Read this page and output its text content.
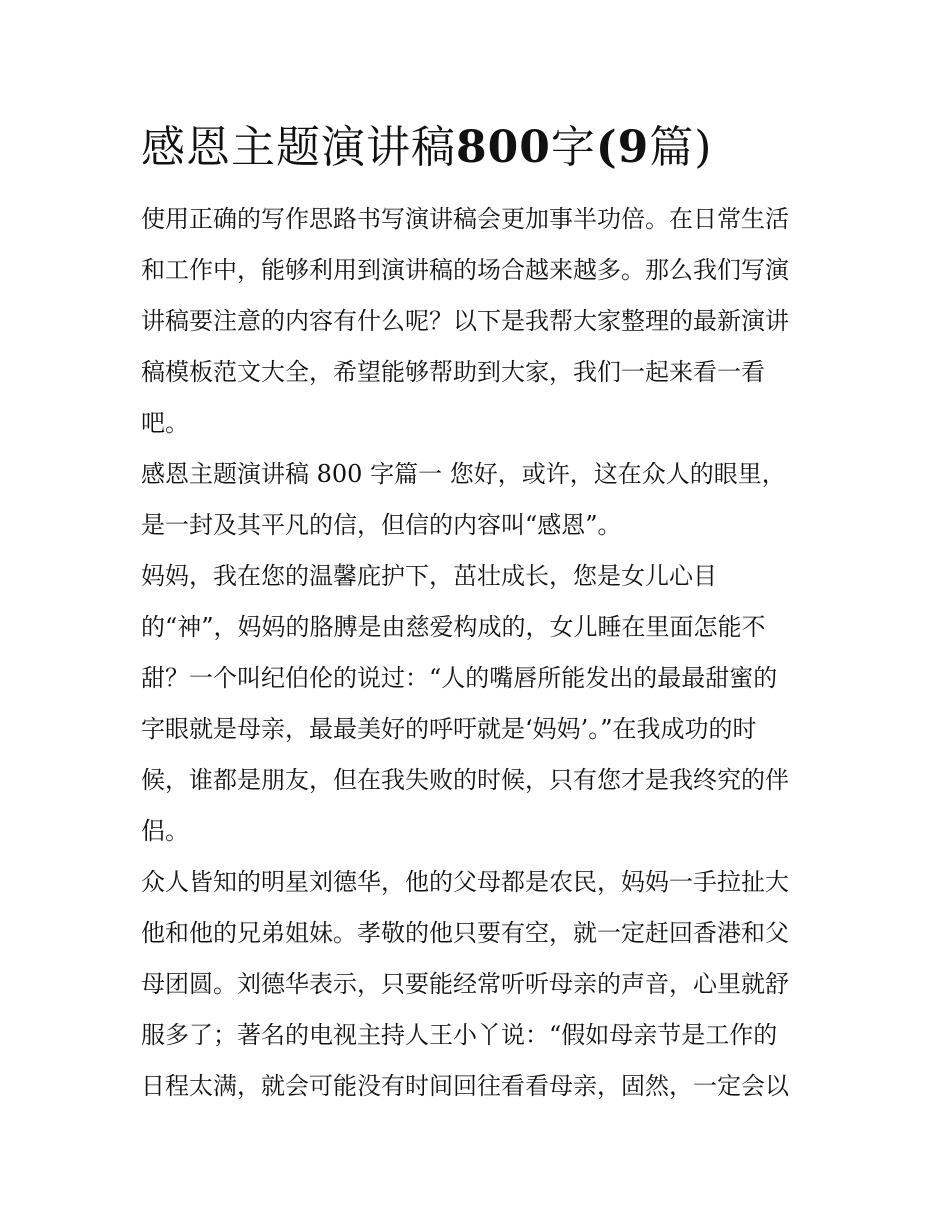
感恩主题演讲稿800字(9篇)

使用正确的写作思路书写演讲稿会更加事半功倍。在日常生活

和工作中，能够利用到演讲稿的场合越来越多。那么我们写演

讲稿要注意的内容有什么呢？以下是我帮大家整理的最新演讲

稿模板范文大全，希望能够帮助到大家，我们一起来看一看

吧。

感恩主题演讲稿 800 字篇一 您好，或许，这在众人的眼里，

是一封及其平凡的信，但信的内容叫“感恩”。

妈妈，我在您的温馨庇护下，茁壮成长，您是女儿心目

的“神”，妈妈的胳膊是由慈爱构成的，女儿睡在里面怎能不

甜？一个叫纪伯伦的说过：“人的嘴唇所能发出的最最甜蜜的

字眼就是母亲，最最美好的呼吁就是‘妈妈’。”在我成功的时

候，谁都是朋友，但在我失败的时候，只有您才是我终究的伴

侣。

众人皆知的明星刘德华，他的父母都是农民，妈妈一手拉扯大

他和他的兄弟姐妹。孝敬的他只要有空，就一定赶回香港和父

母团圆。刘德华表示，只要能经常听听母亲的声音，心里就舒

服多了；著名的电视主持人王小丫说：“假如母亲节是工作的

日程太满，就会可能没有时间回往看看母亲，固然，一定会以
